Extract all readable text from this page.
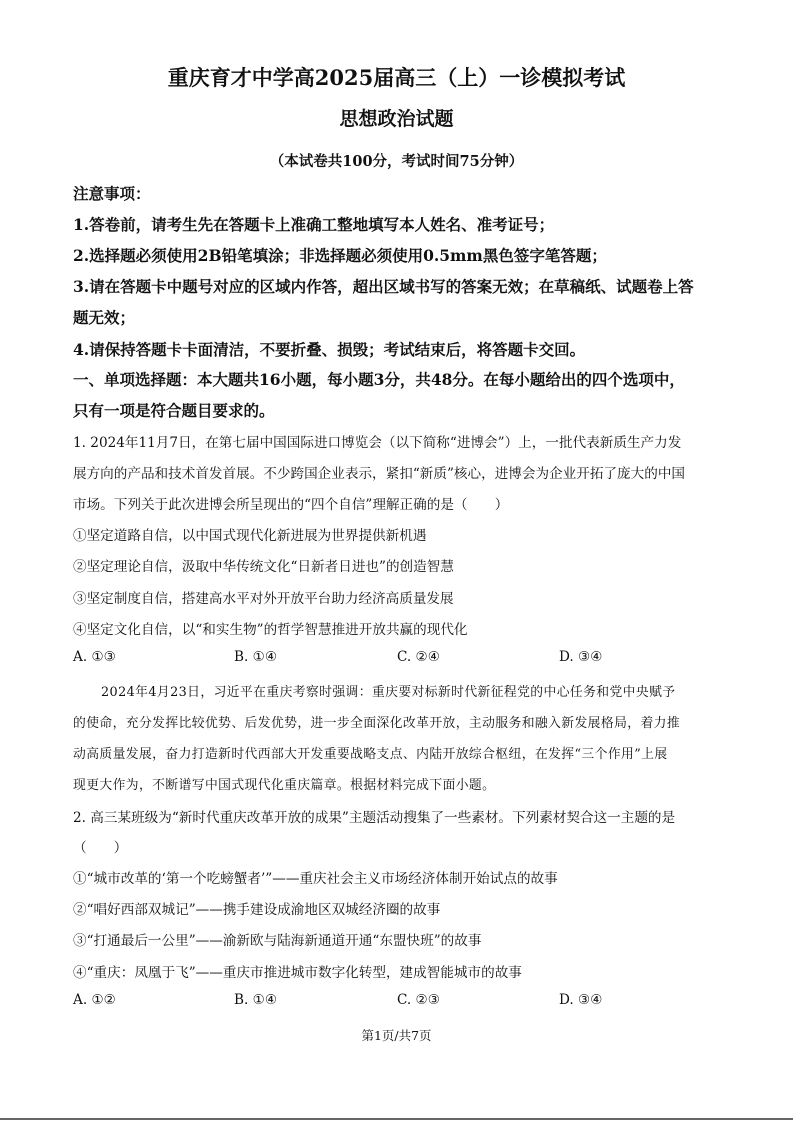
重庆育才中学高2025届高三（上）一诊模拟考试
思想政治试题
（本试卷共100分，考试时间75分钟）
注意事项：
1.答卷前，请考生先在答题卡上准确工整地填写本人姓名、准考证号；
2.选择题必须使用2B铅笔填涂；非选择题必须使用0.5mm黑色签字笔答题；
3.请在答题卡中题号对应的区域内作答，超出区域书写的答案无效；在草稿纸、试题卷上答
题无效；
4.请保持答题卡卡面清洁，不要折叠、损毁；考试结束后，将答题卡交回。
一、单项选择题：本大题共16小题，每小题3分，共48分。在每小题给出的四个选项中，
只有一项是符合题目要求的。
1. 2024年11月7日，在第七届中国国际进口博览会（以下简称“进博会”）上，一批代表新质生产力发
展方向的产品和技术首发首展。不少跨国企业表示，紧扣“新质”核心，进博会为企业开拓了庞大的中国
市场。下列关于此次进博会所呈现出的“四个自信”理解正确的是（　　）
①坚定道路自信，以中国式现代化新进展为世界提供新机遇
②坚定理论自信，汲取中华传统文化“日新者日进也”的创造智慧
③坚定制度自信，搭建高水平对外开放平台助力经济高质量发展
④坚定文化自信，以“和实生物”的哲学智慧推进开放共赢的现代化
A. ①③	B. ①④	C. ②④	D. ③④
2024年4月23日，习近平在重庆考察时强调：重庆要对标新时代新征程党的中心任务和党中央赋予
的使命，充分发挥比较优势、后发优势，进一步全面深化改革开放，主动服务和融入新发展格局，着力推
动高质量发展，奋力打造新时代西部大开发重要战略支点、内陆开放综合枢纽，在发挥“三个作用”上展
现更大作为，不断谱写中国式现代化重庆篇章。根据材料完成下面小题。
2. 高三某班级为“新时代重庆改革开放的成果”主题活动搜集了一些素材。下列素材契合这一主题的是
（　　）
①“城市改革的‘第一个吃螃蟹者’”——重庆社会主义市场经济体制开始试点的故事
②“唱好西部双城记”——携手建设成渝地区双城经济圈的故事
③“打通最后一公里”——渝新欧与陆海新通道开通“东盟快班”的故事
④“重庆：凤凰于飞”——重庆市推进城市数字化转型，建成智能城市的故事
A. ①②	B. ①④	C. ②③	D. ③④
第1页/共7页
